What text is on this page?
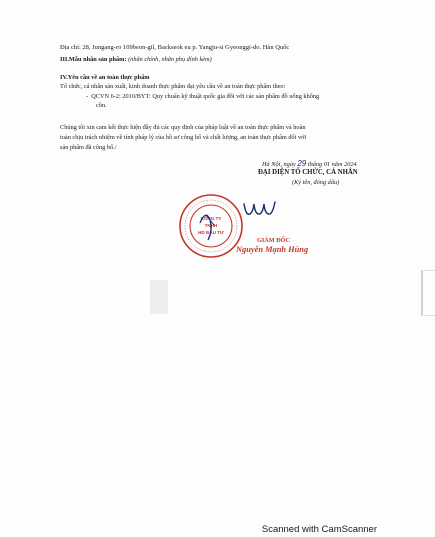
Địa chỉ: 28, Jungang-ro 109beon-gil, Backseok eu p. Yangju-si Gyeonggi-do. Hàn Quốc
III.Mẫu nhãn sản phẩm: (nhãn chính, nhãn phụ đính kèm)
IV.Yêu cầu về an toàn thực phẩm
Tổ chức, cá nhân sản xuất, kinh doanh thực phẩm đạt yêu cầu về an toàn thực phẩm theo:
-  QCVN 6-2: 2010/BYT: Quy chuẩn kỹ thuật quốc gia đối với các sản phẩm đồ uống không
cồn.
Chúng tôi xin cam kết thực hiện đầy đủ các quy định của pháp luật về an toàn thực phẩm và hoàn
toàn chịu trách nhiệm về tính pháp lý của hồ sơ công bố và chất lượng, an toàn thực phẩm đối với
sản phẩm đã công bố./
Hà Nội, ngày 29 tháng 01 năm 2024
ĐẠI DIỆN TỔ CHỨC, CÁ NHÂN
(Ký tên, đóng dấu)
CÔNG TY
TNHH
HD ĐẦU TƯ
GIÁM ĐỐC
Nguyễn Mạnh Hùng
Scanned with CamScanner
